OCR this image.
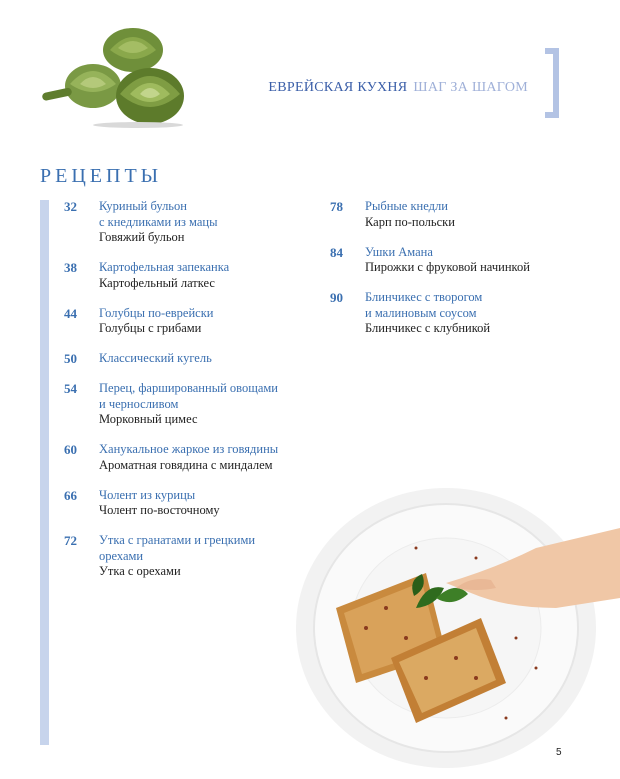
ЕВРЕЙСКАЯ КУХНЯ ШАГ ЗА ШАГОМ
РЕЦЕПТЫ
32	Куриный бульон
с кнедликами из мацы
Говяжий бульон
38	Картофельная запеканка
Картофельный латкес
44	Голубцы по-еврейски
Голубцы с грибами
50	Классический кугель
54	Перец, фаршированный овощами
и черносливом
Морковный цимес
60	Ханукальное жаркое из говядины
Ароматная говядина с миндалем
66	Чолент из курицы
Чолент по-восточному
72	Утка с гранатами и грецкими
орехами
Утка с орехами
78	Рыбные кнедли
Карп по-польски
84	Ушки Амана
Пирожки с фруковой начинкой
90	Блинчикес с творогом
и малиновым соусом
Блинчикес с клубникой
5
